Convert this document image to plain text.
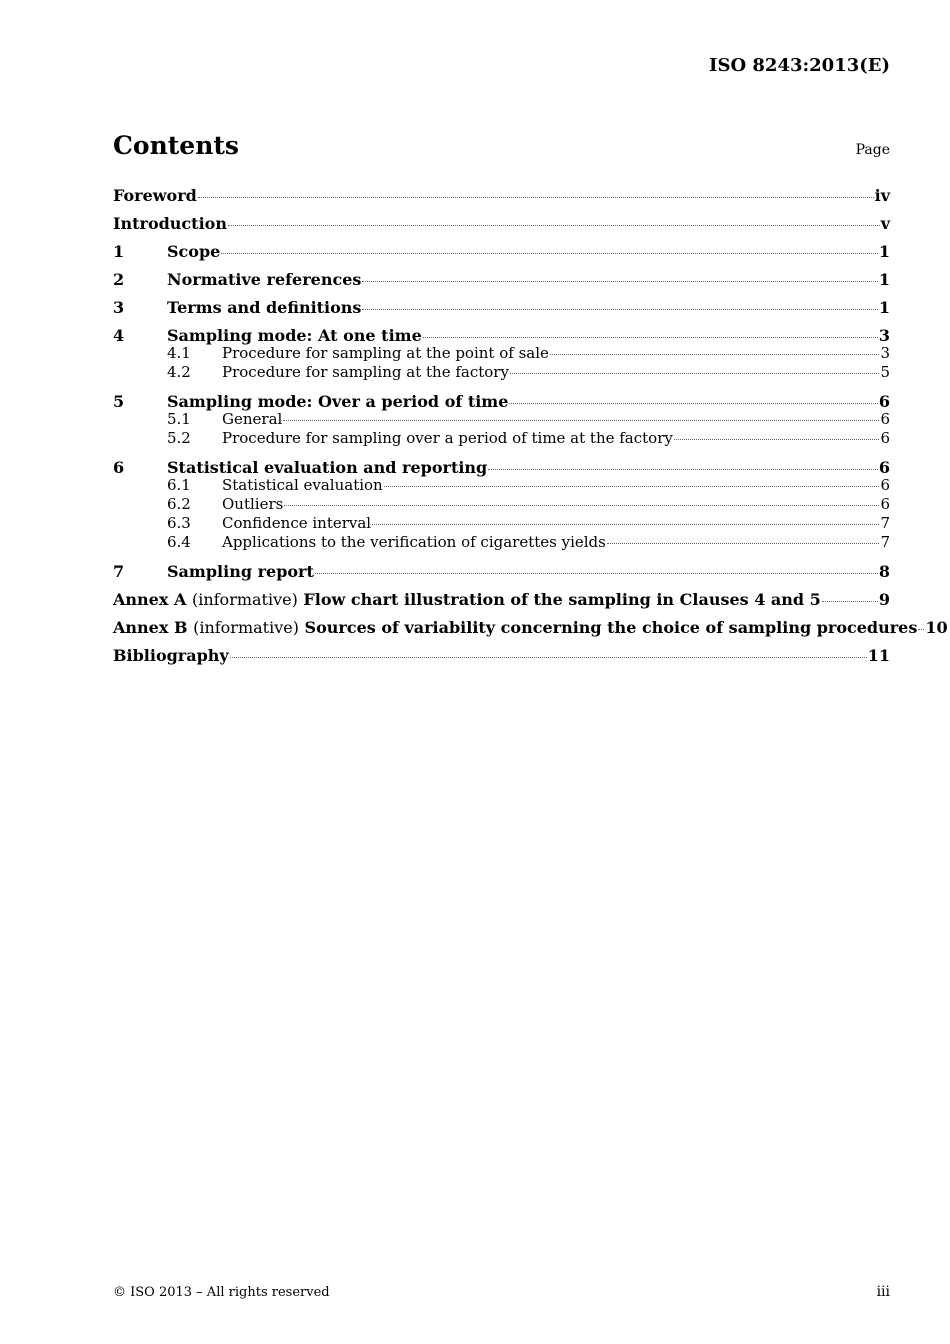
ISO 8243:2013(E)
Contents	Page
Foreword	iv
Introduction	v
1	Scope	1
2	Normative references	1
3	Terms and definitions	1
4	Sampling mode: At one time	3
4.1	Procedure for sampling at the point of sale	3
4.2	Procedure for sampling at the factory	5
5	Sampling mode: Over a period of time	6
5.1	General	6
5.2	Procedure for sampling over a period of time at the factory	6
6	Statistical evaluation and reporting	6
6.1	Statistical evaluation	6
6.2	Outliers	6
6.3	Confidence interval	7
6.4	Applications to the verification of cigarettes yields	7
7	Sampling report	8
Annex A (informative) Flow chart illustration of the sampling in Clauses 4 and 5	9
Annex B (informative) Sources of variability concerning the choice of sampling procedures 10
Bibliography	11
© ISO 2013 – All rights reserved	iii
